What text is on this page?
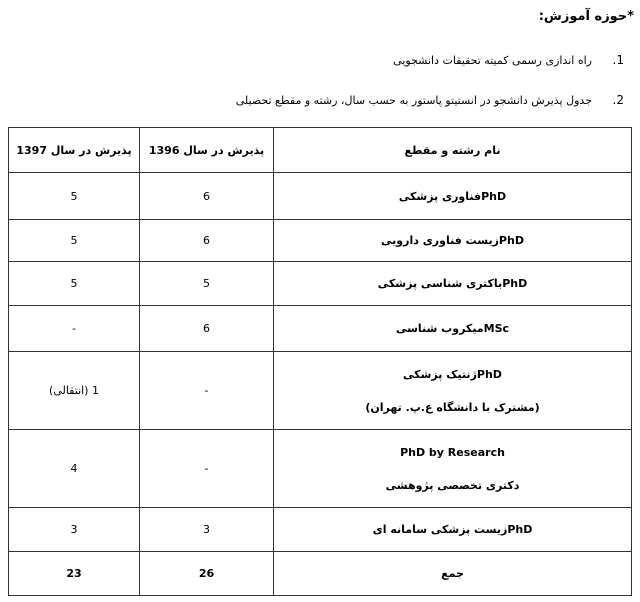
*حوزه آموزش:
1.راه اندازی رسمی کمیته تحقیقات دانشجویی
2.جدول پذیرش دانشجو در انستیتو پاستور به حسب سال، رشته و مقطع تحصیلی
پذیرش در سال 1397	پذیرش در سال 1396	نام رشته و مقطع
5	6	PhDفناوری پزشکی
5	6	PhDزیست فناوری دارویی
5	5	PhDباکتری شناسی پزشکی
-	6	MScمیکروب شناسی
1 (انتقالی)	-	PhDژنتیک پزشکی
(مشترک با دانشگاه ع.پ. تهران)

4	-	PhD by Research
دکتری تخصصی پژوهشی

3	3	PhDزیست پزشکی سامانه ای
23	26	جمع
